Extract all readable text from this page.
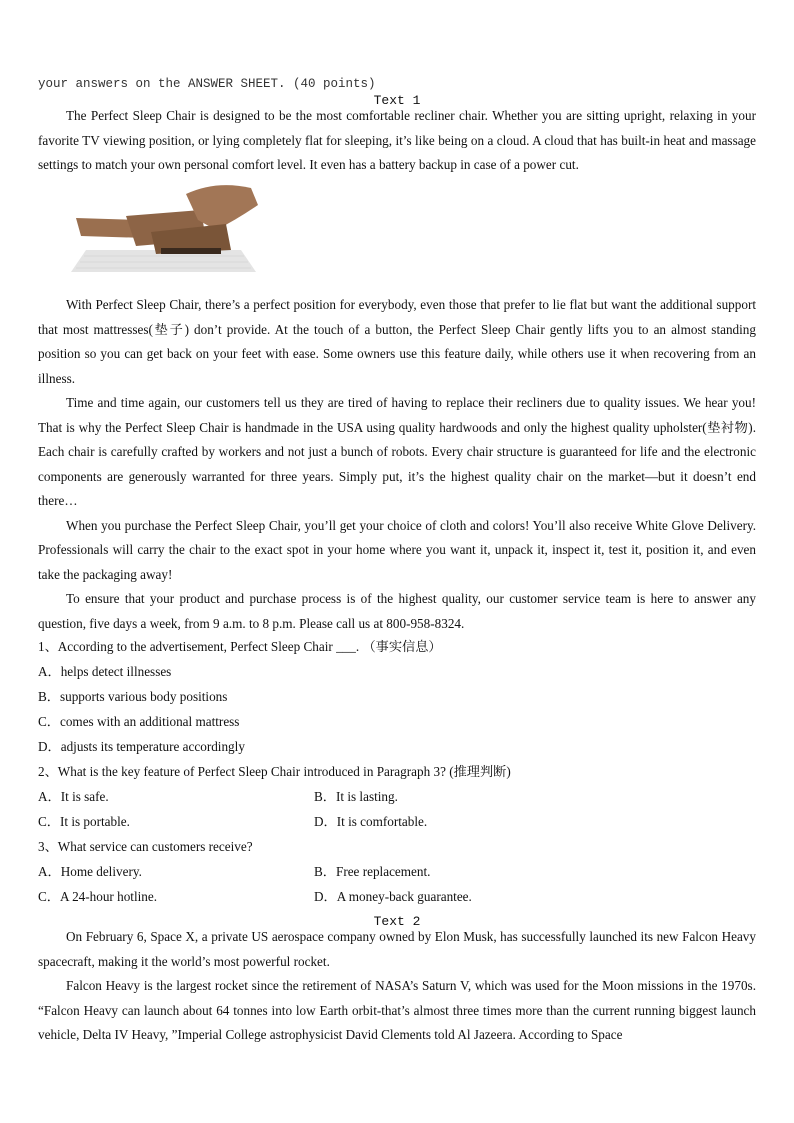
your answers on the ANSWER SHEET. (40 points)
Text 1

The Perfect Sleep Chair is designed to be the most comfortable recliner chair. Whether you are sitting upright, relaxing in your favorite TV viewing position, or lying completely flat for sleeping, it’s like being on a cloud. A cloud that has built-in heat and massage settings to match your own personal comfort level. It even has a battery backup in case of a power cut.

With Perfect Sleep Chair, there’s a perfect position for everybody, even those that prefer to lie flat but want the additional support that most mattresses(垫子) don’t provide. At the touch of a button, the Perfect Sleep Chair gently lifts you to an almost standing position so you can get back on your feet with ease. Some owners use this feature daily, while others use it when recovering from an illness.

Time and time again, our customers tell us they are tired of having to replace their recliners due to quality issues. We hear you! That is why the Perfect Sleep Chair is handmade in the USA using quality hardwoods and only the highest quality upholster(垫衬物). Each chair is carefully crafted by workers and not just a bunch of robots. Every chair structure is guaranteed for life and the electronic components are generously warranted for three years. Simply put, it’s the highest quality chair on the market—but it doesn’t end there…

When you purchase the Perfect Sleep Chair, you’ll get your choice of cloth and colors! You’ll also receive White Glove Delivery. Professionals will carry the chair to the exact spot in your home where you want it, unpack it, inspect it, test it, position it, and even take the packaging away!

To ensure that your product and purchase process is of the highest quality, our customer service team is here to answer any question, five days a week, from 9 a.m. to 8 p.m. Please call us at 800-958-8324.

1、According to the advertisement, Perfect Sleep Chair ___. （事实信息）
A．helps detect illnesses
B．supports various body positions
C．comes with an additional mattress
D．adjusts its temperature accordingly
2、What is the key feature of Perfect Sleep Chair introduced in Paragraph 3? (推理判断)
A．It is safe.	B．It is lasting.
C．It is portable.	D．It is comfortable.
3、What service can customers receive?
A．Home delivery.	B．Free replacement.
C．A 24-hour hotline.	D．A money-back guarantee.
Text 2

On February 6, Space X, a private US aerospace company owned by Elon Musk, has successfully launched its new Falcon Heavy spacecraft, making it the world’s most powerful rocket.

Falcon Heavy is the largest rocket since the retirement of NASA’s Saturn V, which was used for the Moon missions in the 1970s. “Falcon Heavy can launch about 64 tonnes into low Earth orbit-that’s almost three times more than the current running biggest launch vehicle, Delta IV Heavy, ”Imperial College astrophysicist David Clements told Al Jazeera. According to Space
